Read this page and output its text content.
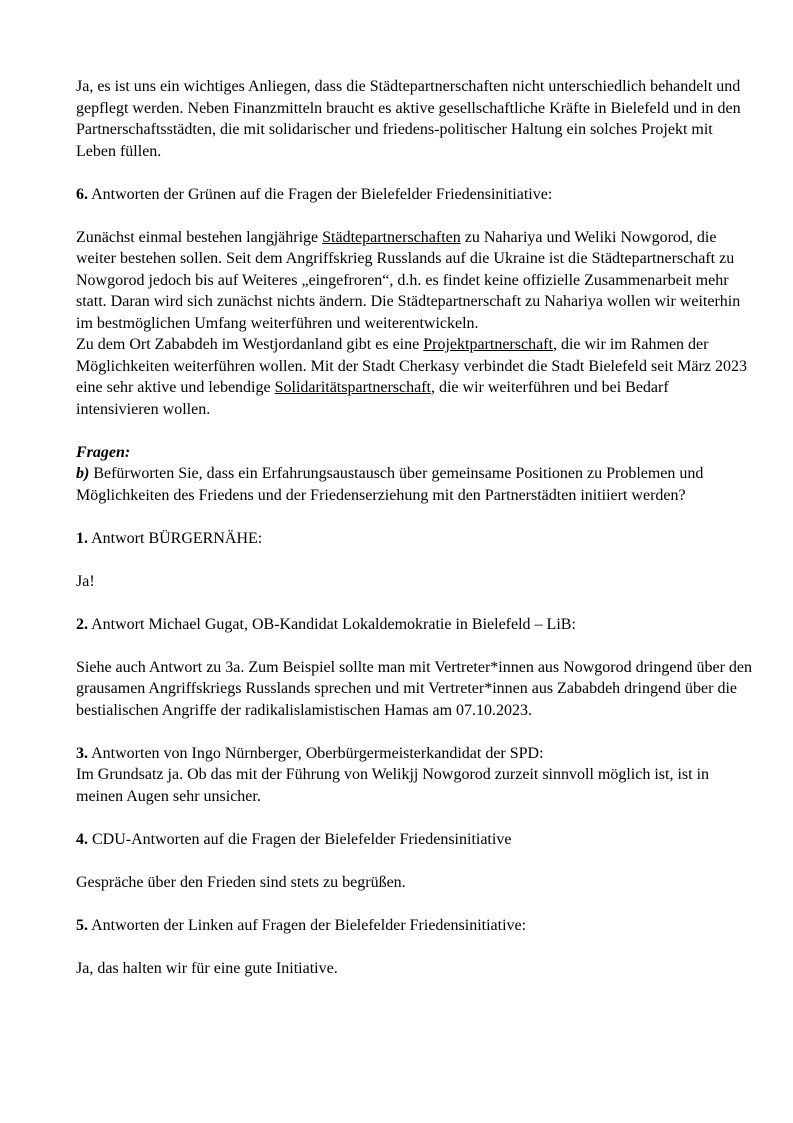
Ja, es ist uns ein wichtiges Anliegen, dass die Städtepartnerschaften nicht unterschiedlich behandelt und gepflegt werden. Neben Finanzmitteln braucht es aktive gesellschaftliche Kräfte in Bielefeld und in den Partnerschaftsstädten, die mit solidarischer und friedens-politischer Haltung ein solches Projekt mit Leben füllen.

6. Antworten der Grünen auf die Fragen der Bielefelder Friedensinitiative:

Zunächst einmal bestehen langjährige Städtepartnerschaften zu Nahariya und Weliki Nowgorod, die weiter bestehen sollen. Seit dem Angriffskrieg Russlands auf die Ukraine ist die Städtepartnerschaft zu Nowgorod jedoch bis auf Weiteres „eingefroren“, d.h. es findet keine offizielle Zusammenarbeit mehr statt. Daran wird sich zunächst nichts ändern. Die Städtepartnerschaft zu Nahariya wollen wir weiterhin im bestmöglichen Umfang weiterführen und weiterentwickeln.

Zu dem Ort Zababdeh im Westjordanland gibt es eine Projektpartnerschaft, die wir im Rahmen der Möglichkeiten weiterführen wollen. Mit der Stadt Cherkasy verbindet die Stadt Bielefeld seit März 2023 eine sehr aktive und lebendige Solidaritätspartnerschaft, die wir weiterführen und bei Bedarf intensivieren wollen.

Fragen:

b) Befürworten Sie, dass ein Erfahrungsaustausch über gemeinsame Positionen zu Problemen und Möglichkeiten des Friedens und der Friedenserziehung mit den Partnerstädten initiiert werden?

1. Antwort BÜRGERNÄHE:

Ja!

2. Antwort Michael Gugat, OB-Kandidat Lokaldemokratie in Bielefeld – LiB:

Siehe auch Antwort zu 3a. Zum Beispiel sollte man mit Vertreter*innen aus Nowgorod dringend über den grausamen Angriffskriegs Russlands sprechen und mit Vertreter*innen aus Zababdeh dringend über die bestialischen Angriffe der radikalislamistischen Hamas am 07.10.2023.

3. Antworten von Ingo Nürnberger, Oberbürgermeisterkandidat der SPD:

Im Grundsatz ja. Ob das mit der Führung von Welikjj Nowgorod zurzeit sinnvoll möglich ist, ist in meinen Augen sehr unsicher.

4. CDU-Antworten auf die Fragen der Bielefelder Friedensinitiative

Gespräche über den Frieden sind stets zu begrüßen.

5. Antworten der Linken auf Fragen der Bielefelder Friedensinitiative:

Ja, das halten wir für eine gute Initiative.
